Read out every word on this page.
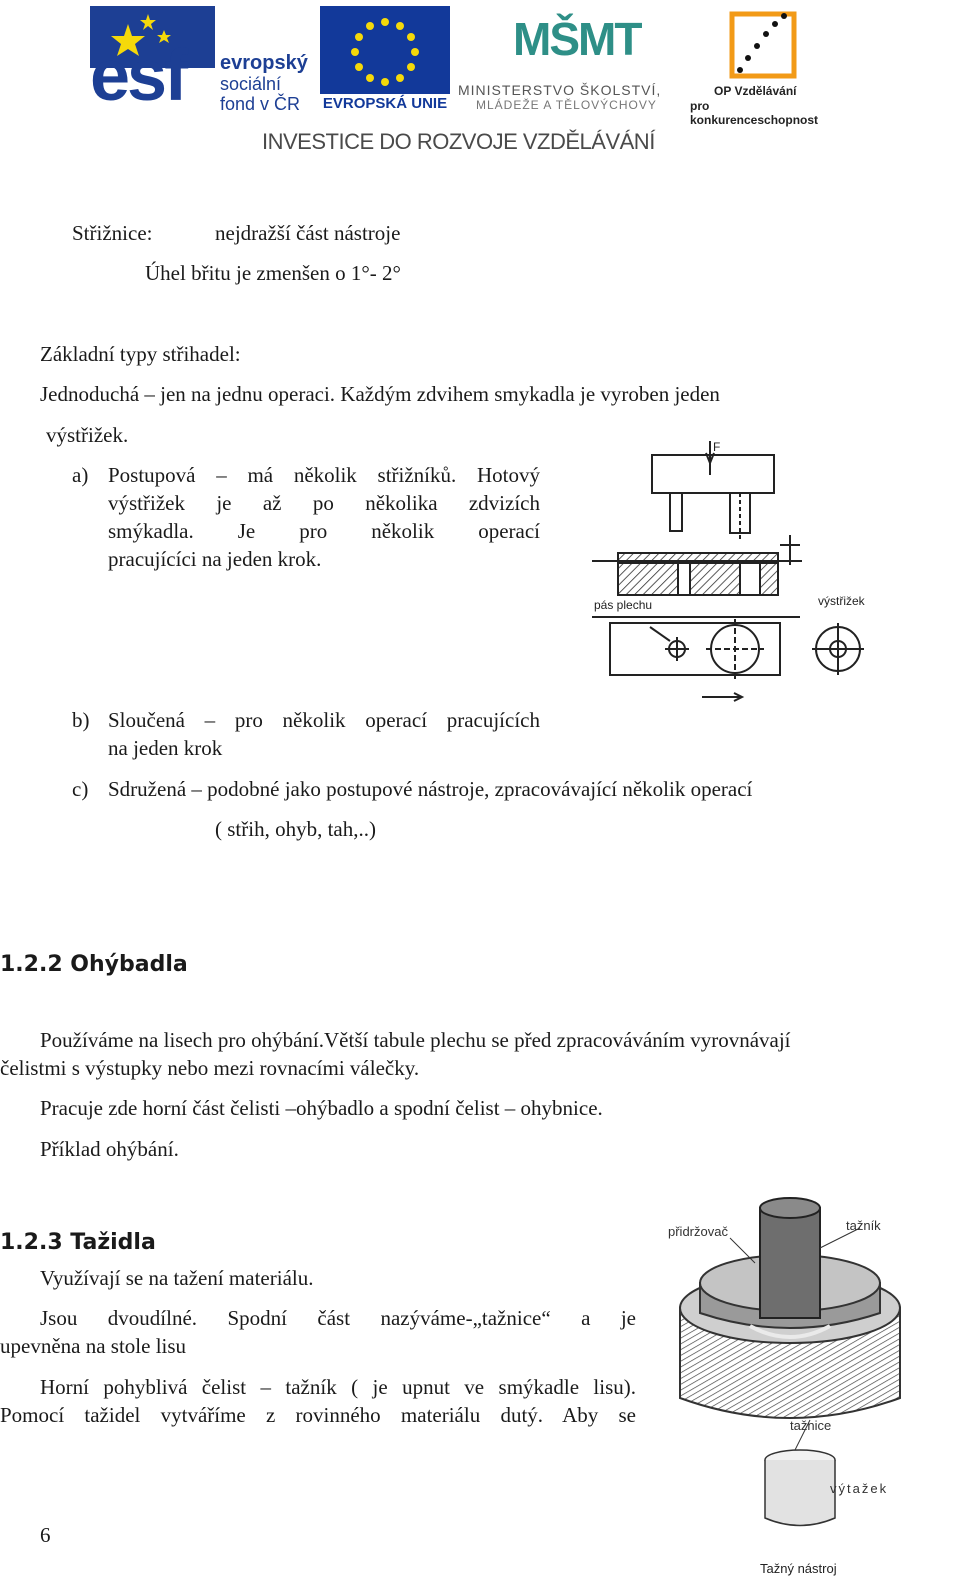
esf evropský
sociální
fond v ČR EVROPSKÁ UNIE
MŠMT
MINISTERSTVO ŠKOLSTVÍ,
MLÁDEŽE A TĚLOVÝCHOVY
OP Vzdělávání
pro konkurenceschopnost
INVESTICE DO ROZVOJE VZDĚLÁVÁNÍ
Střižnice:	nejdražší část nástroje
Úhel břitu je zmenšen o 1°- 2°
Základní typy střihadel:
Jednoduchá – jen na jednu operaci. Každým zdvihem smykadla je vyroben jeden
výstřižek.
a) Postupová – má několik střižníků. Hotový
výstřižek je až po několika zdvizích
smýkadla. Je pro několik operací
pracujícíci na jeden krok.
F
pás plechu	výstřižek
b) Sloučená – pro několik operací pracujících
na jeden krok
c) Sdružená – podobné jako postupové nástroje, zpracovávající několik operací
( střih, ohyb, tah,..)
1.2.2 Ohýbadla
Používáme na lisech pro ohýbání.Větší tabule plechu se před zpracováváním vyrovnávají
čelistmi s výstupky nebo mezi rovnacími válečky.
Pracuje zde horní část čelisti –ohýbadlo a spodní čelist – ohybnice.
Příklad ohýbání.
1.2.3 Tažidla
Využívají se na tažení materiálu.
Jsou dvoudílné. Spodní část nazýváme-„tažnice“ a je
upevněna na stole lisu
Horní pohyblivá čelist – tažník ( je upnut ve smýkadle lisu).
Pomocí tažidel vytváříme z rovinného materiálu dutý. Aby se
přidržovač	tažník
tažnice
výtažek
Tažný nástroj
6
